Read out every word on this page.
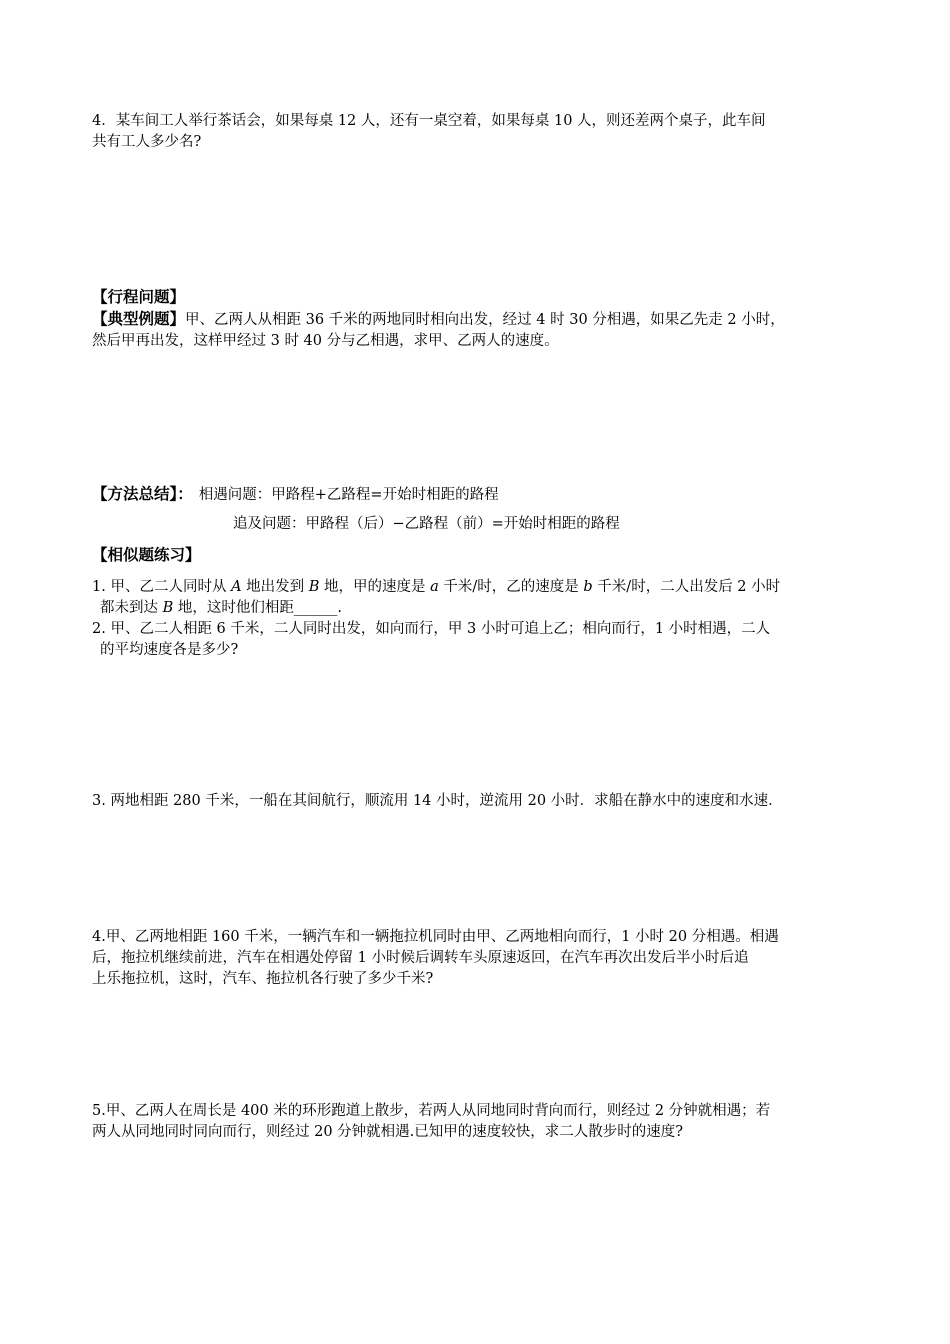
4．某车间工人举行茶话会，如果每桌 12 人，还有一桌空着，如果每桌 10 人，则还差两个桌子，此车间
共有工人多少名?
【行程问题】
【典型例题】甲、乙两人从相距 36 千米的两地同时相向出发，经过 4 时 30 分相遇，如果乙先走 2 小时，
然后甲再出发，这样甲经过 3 时 40 分与乙相遇，求甲、乙两人的速度。
【方法总结】： 相遇问题：甲路程+乙路程=开始时相距的路程
追及问题：甲路程（后）−乙路程（前）=开始时相距的路程
【相似题练习】
1. 甲、乙二人同时从 A 地出发到 B 地，甲的速度是 a 千米/时，乙的速度是 b 千米/时，二人出发后 2 小时
都未到达 B 地，这时他们相距______.
2. 甲、乙二人相距 6 千米，二人同时出发，如向而行，甲 3 小时可追上乙；相向而行，1 小时相遇，二人
的平均速度各是多少?
3. 两地相距 280 千米，一船在其间航行，顺流用 14 小时，逆流用 20 小时．求船在静水中的速度和水速．
4.甲、乙两地相距 160 千米，一辆汽车和一辆拖拉机同时由甲、乙两地相向而行，1 小时 20 分相遇。相遇
后，拖拉机继续前进，汽车在相遇处停留 1 小时候后调转车头原速返回，在汽车再次出发后半小时后追
上乐拖拉机，这时，汽车、拖拉机各行驶了多少千米?
5.甲、乙两人在周长是 400 米的环形跑道上散步，若两人从同地同时背向而行，则经过 2 分钟就相遇；若
两人从同地同时同向而行，则经过 20 分钟就相遇.已知甲的速度较快，求二人散步时的速度?
